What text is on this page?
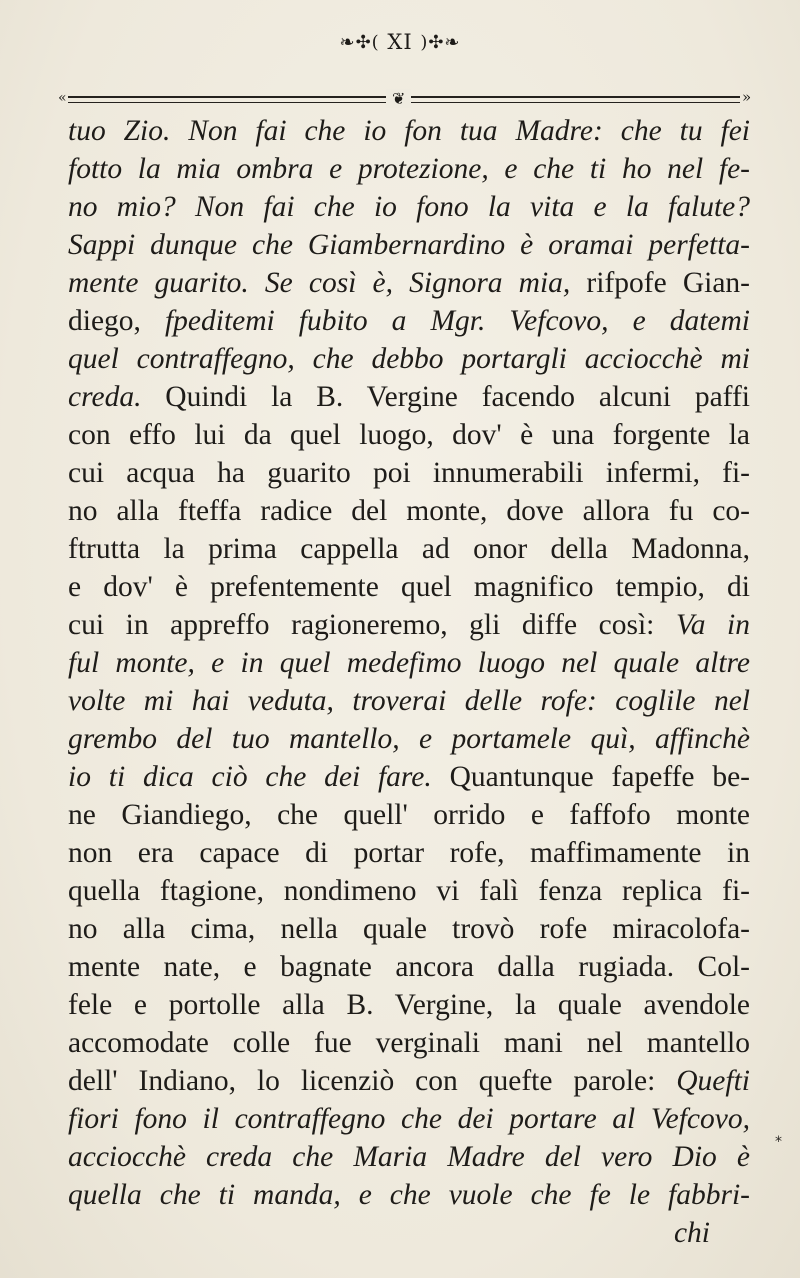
❧✣( XI )✣❧
«	❦	»
tuo Zio. Non fai che io fon tua Madre: che tu fei
fotto la mia ombra e protezione, e che ti ho nel fe-
no mio? Non fai che io fono la vita e la falute?
Sappi dunque che Giambernardino è oramai perfetta-
mente guarito. Se così è, Signora mia, rifpofe Gian-
diego, fpeditemi fubito a Mgr. Vefcovo, e datemi
quel contraffegno, che debbo portargli acciocchè mi
creda. Quindi la B. Vergine facendo alcuni paffi
con effo lui da quel luogo, dov' è una forgente la
cui acqua ha guarito poi innumerabili infermi, fi-
no alla fteffa radice del monte, dove allora fu co-
ftrutta la prima cappella ad onor della Madonna,
e dov' è prefentemente quel magnifico tempio, di
cui in appreffo ragioneremo, gli diffe così: Va in
ful monte, e in quel medefimo luogo nel quale altre
volte mi hai veduta, troverai delle rofe: coglile nel
grembo del tuo mantello, e portamele quì, affinchè
io ti dica ciò che dei fare. Quantunque fapeffe be-
ne Giandiego, che quell' orrido e faffofo monte
non era capace di portar rofe, maffimamente in
quella ftagione, nondimeno vi falì fenza replica fi-
no alla cima, nella quale trovò rofe miracolofa-
mente nate, e bagnate ancora dalla rugiada. Col-
fele e portolle alla B. Vergine, la quale avendole
accomodate colle fue verginali mani nel mantello
dell' Indiano, lo licenziò con quefte parole: Quefti
fiori fono il contraffegno che dei portare al Vefcovo,
acciocchè creda che Maria Madre del vero Dio è
quella che ti manda, e che vuole che fe le fabbri-
chi
*
